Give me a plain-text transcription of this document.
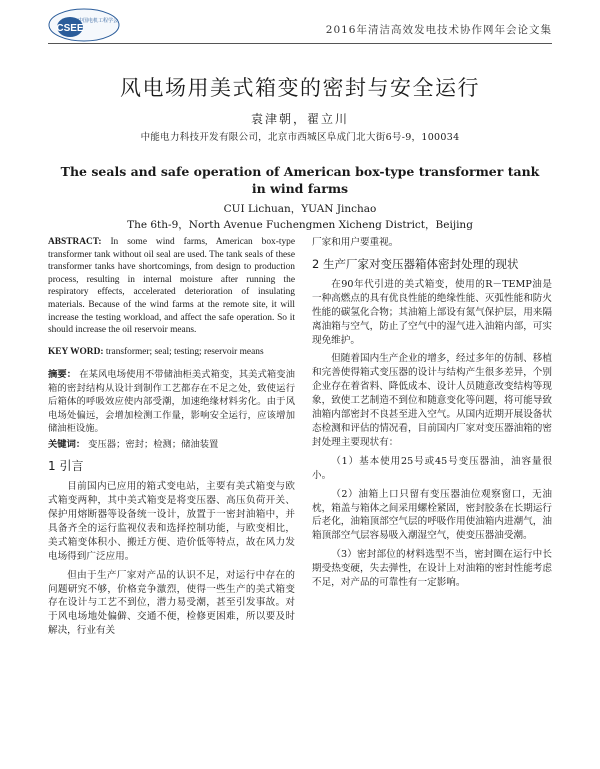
CSEE
中国电机工程学会
2016年清洁高效发电技术协作网年会论文集
风电场用美式箱变的密封与安全运行
袁津朝，翟立川
中能电力科技开发有限公司，北京市西城区阜成门北大街6号-9，100034
The seals and safe operation of American box-type transformer tank in wind farms
CUI Lichuan，YUAN Jinchao
The 6th-9，North Avenue Fuchengmen Xicheng District，Beijing

ABSTRACT: In some wind farms, American box-type transformer tank without oil seal are used. The tank seals of these transformer tanks have shortcomings, from design to production process, resulting in internal moisture after running the respiratory effects, accelerated deterioration of insulating materials. Because of the wind farms at the remote site, it will increase the testing workload, and affect the safe operation. So it should increase the oil reservoir means.

KEY WORD: transformer; seal; testing; reservoir means

摘要： 在某风电场使用不带储油柜美式箱变，其美式箱变油箱的密封结构从设计到制作工艺都存在不足之处，致使运行后箱体的呼吸效应使内部受潮，加速绝缘材料劣化。由于风电场处偏远，会增加检测工作量，影响安全运行，应该增加储油柜设施。

关键词： 变压器；密封；检测；储油装置

1 引言

目前国内已应用的箱式变电站，主要有美式箱变与欧式箱变两种，其中美式箱变是将变压器、高压负荷开关、保护用熔断器等设备统一设计，放置于一密封油箱中，并具备齐全的运行监视仪表和选择控制功能，与欧变相比，美式箱变体积小、搬迁方便、造价低等特点，故在风力发电场得到广泛应用。

但由于生产厂家对产品的认识不足，对运行中存在的问题研究不够，价格竞争激烈，使得一些生产的美式箱变存在设计与工艺不到位，潜力易受潮，甚至引发事故。对于风电场地处偏僻、交通不便，检修更困难，所以要及时解决，行业有关

厂家和用户要重视。

2 生产厂家对变压器箱体密封处理的现状

在90年代引进的美式箱变，使用的R－TEMP油是一种高燃点的具有优良性能的绝缘性能、灭弧性能和防火性能的碳氢化合物；其油箱上部设有氮气保护层，用来隔离油箱与空气，防止了空气中的湿气进入油箱内部，可实现免维护。

但随着国内生产企业的增多，经过多年的仿制、移植和完善使得箱式变压器的设计与结构产生很多差异，个别企业存在着省料、降低成本、设计人员随意改变结构等现象，致使工艺制造不到位和随意变化等问题，将可能导致油箱内部密封不良甚至进入空气。从国内近期开展设备状态检测和评估的情况看，目前国内厂家对变压器油箱的密封处理主要现状有：

（1）基本使用25号或45号变压器油，油容量很小。

（2）油箱上口只留有变压器油位观察窗口，无油枕，箱盖与箱体之间采用螺栓紧固，密封胶条在长期运行后老化，油箱顶部空气层的呼吸作用使油箱内进潮气，油箱顶部空气层容易吸入潮湿空气，使变压器油受潮。

（3）密封部位的材料选型不当，密封圈在运行中长期受热变硬，失去弹性，在设计上对油箱的密封性能考虑不足，对产品的可靠性有一定影响。
